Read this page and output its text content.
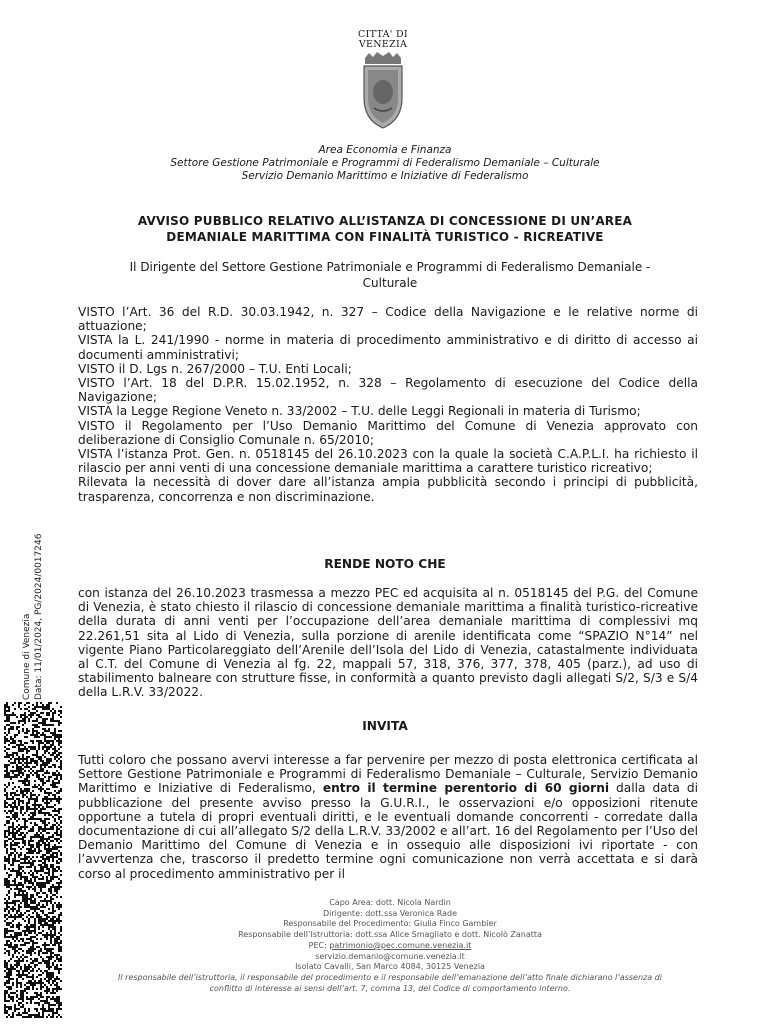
CITTA' DI
VENEZIA
Area Economia e Finanza
Settore Gestione Patrimoniale e Programmi di Federalismo Demaniale – Culturale
Servizio Demanio Marittimo e Iniziative di Federalismo
AVVISO PUBBLICO RELATIVO ALL’ISTANZA DI CONCESSIONE DI UN’AREA
DEMANIALE MARITTIMA CON FINALITÀ TURISTICO - RICREATIVE
Il Dirigente del Settore Gestione Patrimoniale e Programmi di Federalismo Demaniale -
Culturale

VISTO l’Art. 36 del R.D. 30.03.1942, n. 327 – Codice della Navigazione e le relative norme di attuazione;

VISTA la L. 241/1990 - norme in materia di procedimento amministrativo e di diritto di accesso ai documenti amministrativi;

VISTO il D. Lgs n. 267/2000 – T.U. Enti Locali;

VISTO l’Art. 18 del D.P.R. 15.02.1952, n. 328 – Regolamento di esecuzione del Codice della Navigazione;

VISTA la Legge Regione Veneto n. 33/2002 – T.U. delle Leggi Regionali in materia di Turismo;

VISTO il Regolamento per l’Uso Demanio Marittimo del Comune di Venezia approvato con deliberazione di Consiglio Comunale n. 65/2010;

VISTA l’istanza Prot. Gen. n. 0518145 del 26.10.2023 con la quale la società C.A.P.L.I. ha richiesto il rilascio per anni venti di una concessione demaniale marittima a carattere turistico ricreativo;

Rilevata la necessità di dover dare all’istanza ampia pubblicità secondo i principi di pubblicità, trasparenza, concorrenza e non discriminazione.

RENDE NOTO CHE

con istanza del 26.10.2023 trasmessa a mezzo PEC ed acquisita al n. 0518145 del P.G. del Comune di Venezia, è stato chiesto il rilascio di concessione demaniale marittima a finalità turistico-ricreative della durata di anni venti per l’occupazione dell’area demaniale marittima di complessivi mq 22.261,51 sita al Lido di Venezia, sulla porzione di arenile identificata come “SPAZIO N°14” nel vigente Piano Particolareggiato dell’Arenile dell’Isola del Lido di Venezia, catastalmente individuata al C.T. del Comune di Venezia al fg. 22, mappali 57, 318, 376, 377, 378, 405 (parz.), ad uso di stabilimento balneare con strutture fisse, in conformità a quanto previsto dagli allegati S/2, S/3 e S/4 della L.R.V. 33/2022.

INVITA

Tutti coloro che possano avervi interesse a far pervenire per mezzo di posta elettronica certificata al Settore Gestione Patrimoniale e Programmi di Federalismo Demaniale – Culturale, Servizio Demanio Marittimo e Iniziative di Federalismo, entro il termine perentorio di 60 giorni dalla data di pubblicazione del presente avviso presso la G.U.R.I., le osservazioni e/o opposizioni ritenute opportune a tutela di propri eventuali diritti, e le eventuali domande concorrenti - corredate dalla documentazione di cui all’allegato S/2 della L.R.V. 33/2002 e all’art. 16 del Regolamento per l’Uso del Demanio Marittimo del Comune di Venezia e in ossequio alle disposizioni ivi riportate - con l’avvertenza che, trascorso il predetto termine ogni comunicazione non verrà accettata e si darà corso al procedimento amministrativo per il

Capo Area: dott. Nicola Nardin
Dirigente: dott.ssa Veronica Rade
Responsabile del Procedimento: Giulia Finco Gambier
Responsabile dell’Istruttoria: dott.ssa Alice Smagliato e dott. Nicolò Zanatta
PEC: patrimonio@pec.comune.venezia.it
servizio.demanio@comune.venezia.it
Isolato Cavalli, San Marco 4084, 30125 Venezia
Il responsabile dell’istruttoria, il responsabile del procedimento e il responsabile dell’emanazione dell’atto finale dichiarano l’assenza di
conflitto di interesse ai sensi dell’art. 7, comma 13, del Codice di comportamento interno.
Comune di Venezia Data: 11/01/2024, PG/2024/0017246
